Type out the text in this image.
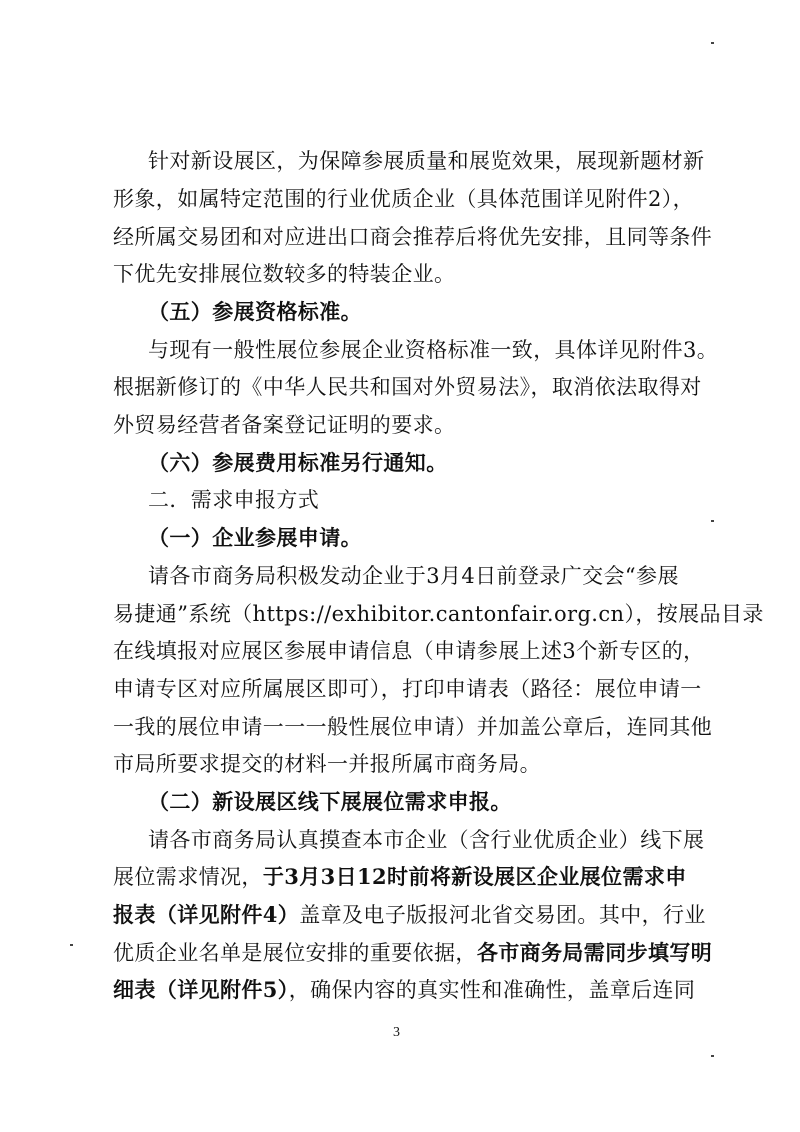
针对新设展区，为保障参展质量和展览效果，展现新题材新
形象，如属特定范围的行业优质企业（具体范围详见附件2），
经所属交易团和对应进出口商会推荐后将优先安排，且同等条件
下优先安排展位数较多的特装企业。
（五）参展资格标准。
与现有一般性展位参展企业资格标准一致，具体详见附件3。
根据新修订的《中华人民共和国对外贸易法》，取消依法取得对
外贸易经营者备案登记证明的要求。
（六）参展费用标准另行通知。
二．需求申报方式
（一）企业参展申请。
请各市商务局积极发动企业于3月4日前登录广交会“参展
易捷通”系统（https://exhibitor.cantonfair.org.cn），按展品目录
在线填报对应展区参展申请信息（申请参展上述3个新专区的，
申请专区对应所属展区即可），打印申请表（路径：展位申请一
一我的展位申请一一一般性展位申请）并加盖公章后，连同其他
市局所要求提交的材料一并报所属市商务局。
（二）新设展区线下展展位需求申报。
请各市商务局认真摸查本市企业（含行业优质企业）线下展
展位需求情况，于3月3日12时前将新设展区企业展位需求申
报表（详见附件4）盖章及电子版报河北省交易团。其中，行业
优质企业名单是展位安排的重要依据，各市商务局需同步填写明
细表（详见附件5），确保内容的真实性和准确性，盖章后连同
3
